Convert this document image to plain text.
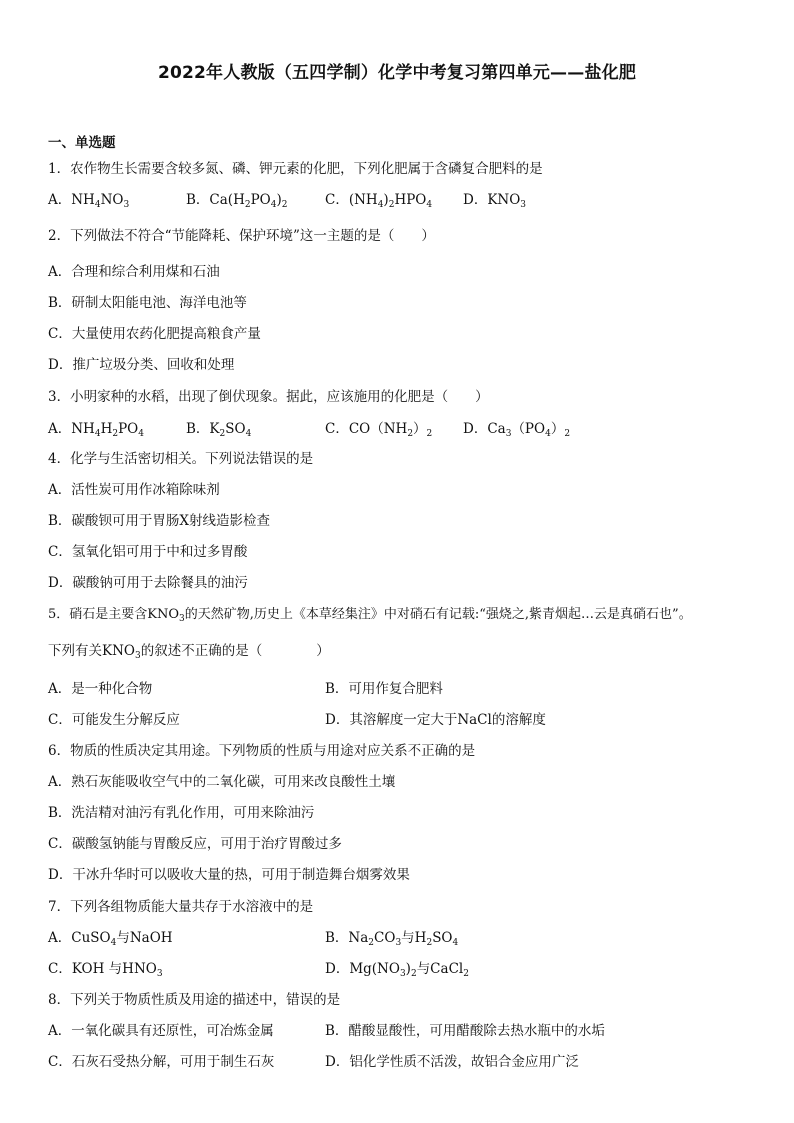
2022年人教版（五四学制）化学中考复习第四单元——盐化肥
一、单选题
1．农作物生长需要含较多氮、磷、钾元素的化肥，下列化肥属于含磷复合肥料的是
A．$NH_4NO_3$	B．$Ca(H_2PO_4)_2$	C．$(NH_4)_2HPO_4$ D．$KNO_3$
2．下列做法不符合“节能降耗、保护环境”这一主题的是（　　）
A．合理和综合利用煤和石油
B．研制太阳能电池、海洋电池等
C．大量使用农药化肥提高粮食产量
D．推广垃圾分类、回收和处理
3．小明家种的水稻，出现了倒伏现象。据此，应该施用的化肥是（　　）
A．$NH_4H_2PO_4$	B．$K_2SO_4$	C．$CO(NH_2)_2$ D．$Ca_3(PO_4)_2$
4．化学与生活密切相关。下列说法错误的是
A．活性炭可用作冰箱除味剂
B．碳酸钡可用于胃肠X射线造影检查
C．氢氧化铝可用于中和过多胃酸
D．碳酸钠可用于去除餐具的油污
5．硝石是主要含$KNO_3$的天然矿物,历史上《本草经集注》中对硝石有记载:“强烧之,紫青烟起…云是真硝石也”。
下列有关$KNO_3$的叙述不正确的是（　　　　）
A．是一种化合物	B．可用作复合肥料
C．可能发生分解反应	D．其溶解度一定大于NaCl的溶解度
6．物质的性质决定其用途。下列物质的性质与用途对应关系不正确的是
A．熟石灰能吸收空气中的二氧化碳，可用来改良酸性土壤
B．洗洁精对油污有乳化作用，可用来除油污
C．碳酸氢钠能与胃酸反应，可用于治疗胃酸过多
D．干冰升华时可以吸收大量的热，可用于制造舞台烟雾效果
7．下列各组物质能大量共存于水溶液中的是
A．CuSO$_4$与NaOH	B．$Na_2CO_3$与$H_2SO_4$
C．KOH 与$HNO_3$	D．$Mg(NO_3)_2$与CaCl$_2$
8．下列关于物质性质及用途的描述中，错误的是
A．一氧化碳具有还原性，可冶炼金属	B．醋酸显酸性，可用醋酸除去热水瓶中的水垢
C．石灰石受热分解，可用于制生石灰	D．铝化学性质不活泼，故铝合金应用广泛
